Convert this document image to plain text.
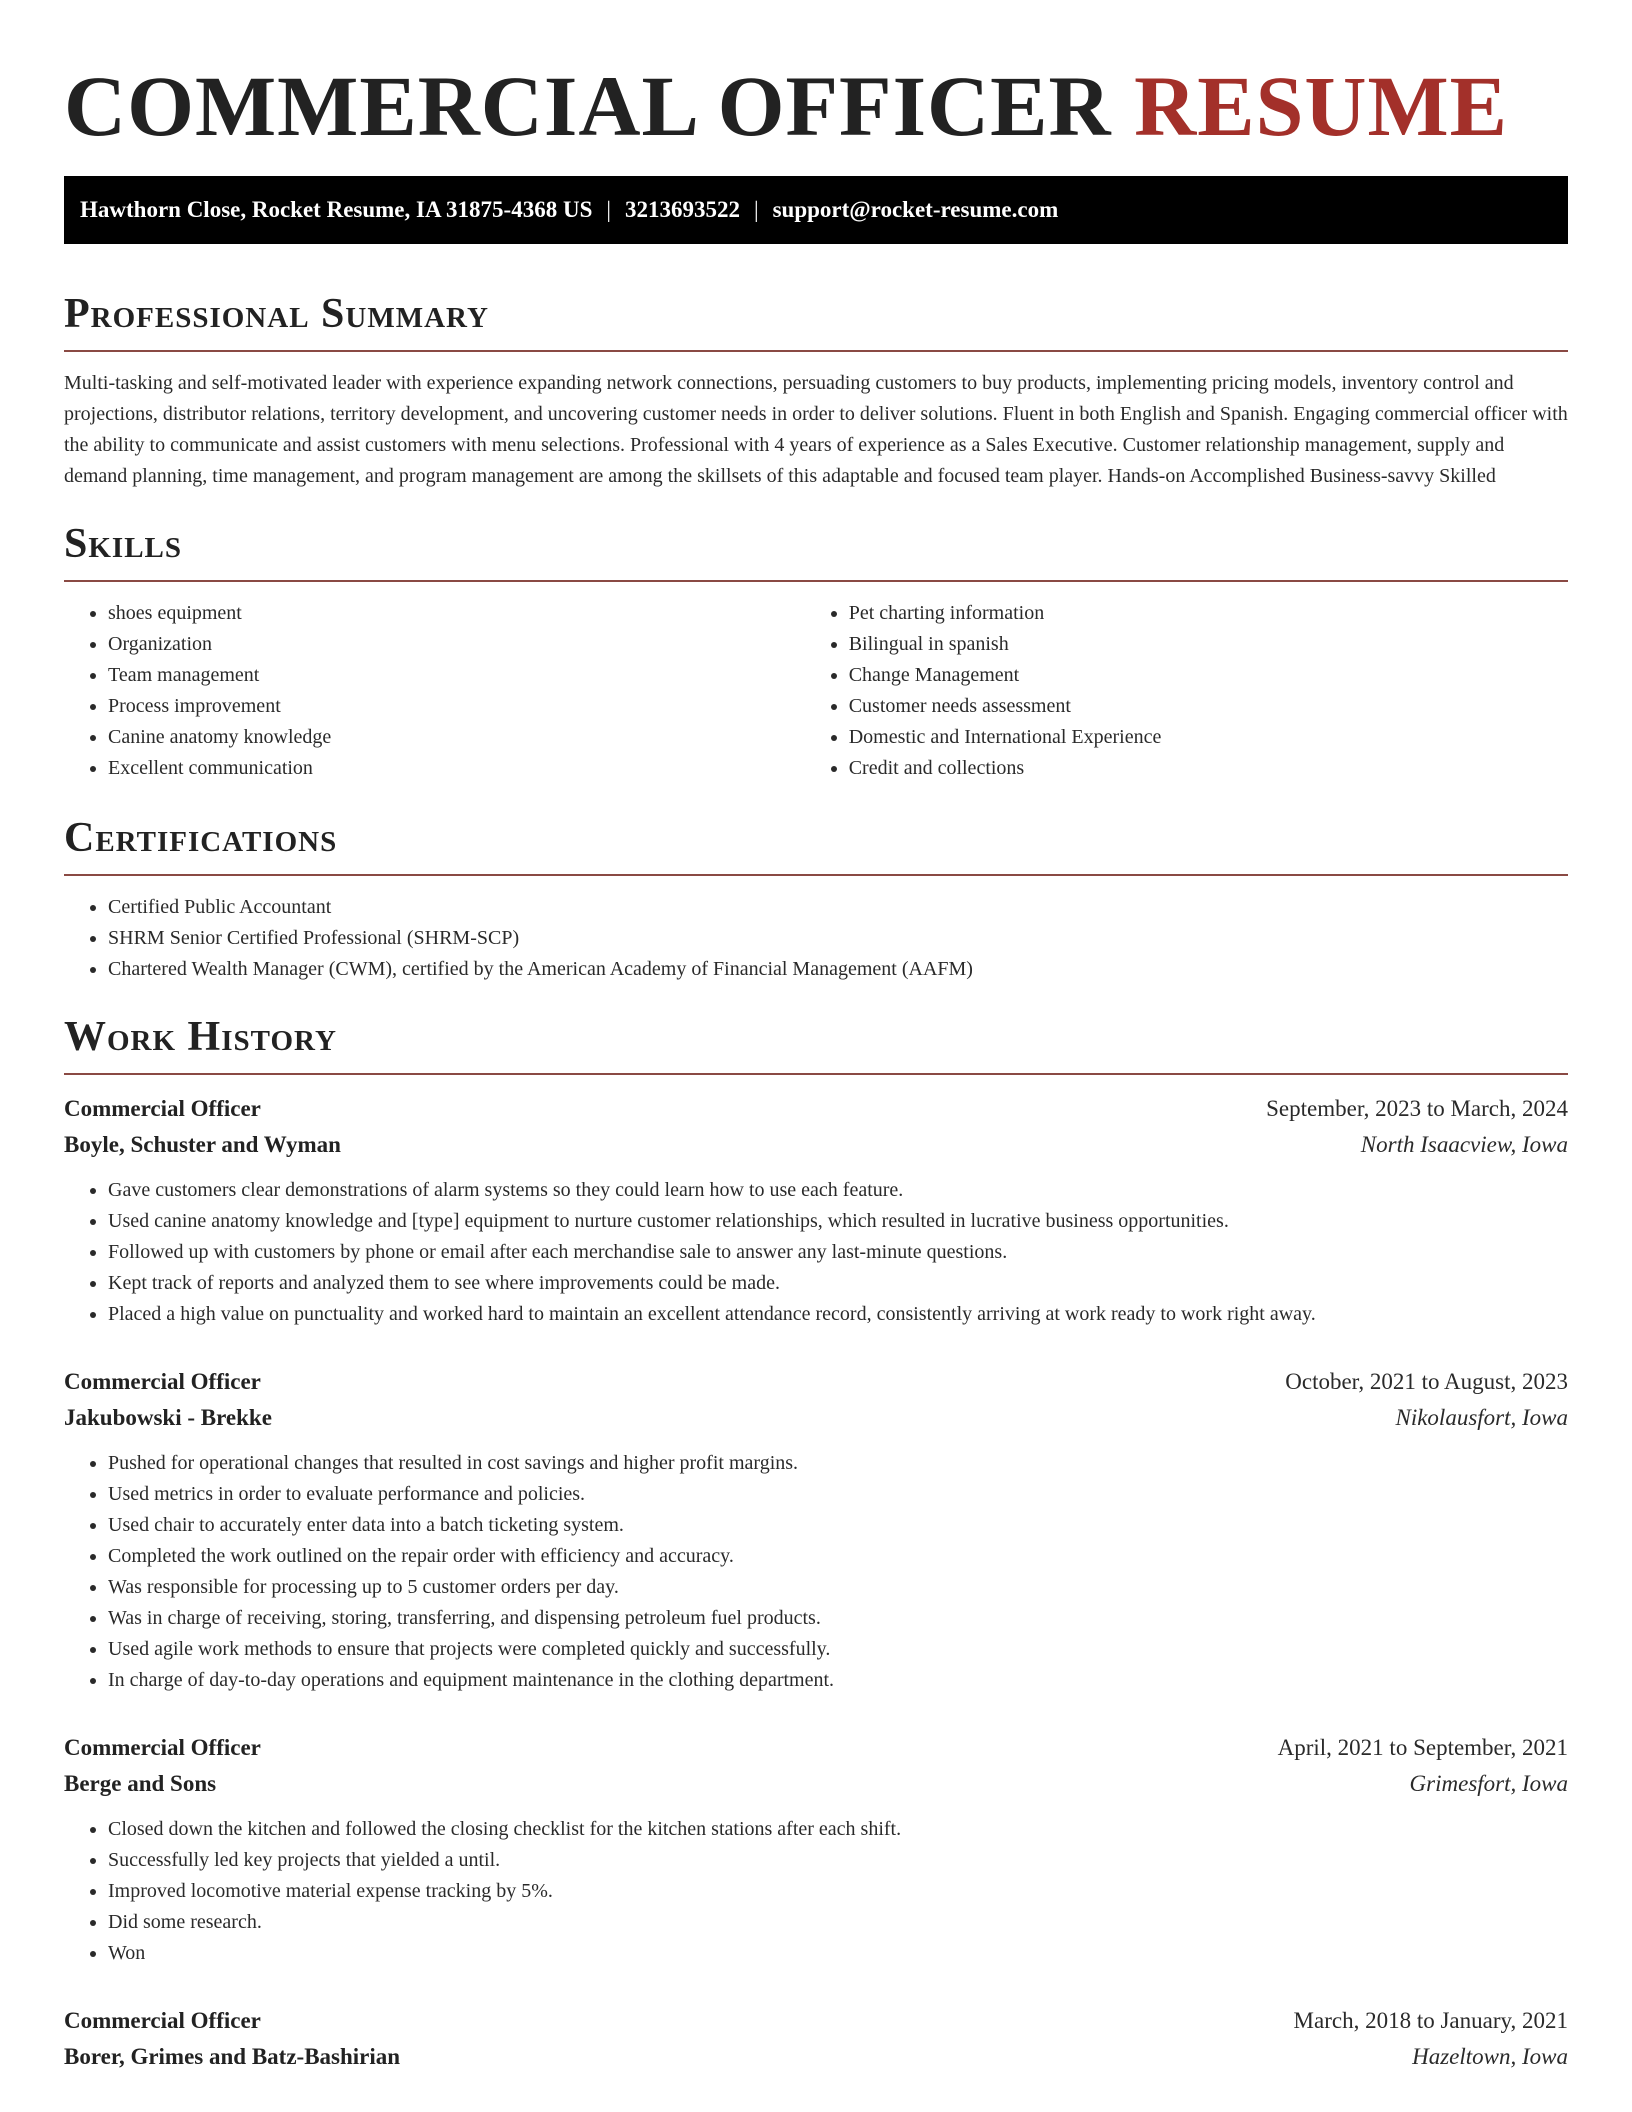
COMMERCIAL OFFICER RESUME
Hawthorn Close, Rocket Resume, IA 31875-4368 US | 3213693522 | support@rocket-resume.com
Professional Summary

Multi-tasking and self-motivated leader with experience expanding network connections, persuading customers to buy products, implementing pricing models, inventory control and projections, distributor relations, territory development, and uncovering customer needs in order to deliver solutions. Fluent in both English and Spanish. Engaging commercial officer with the ability to communicate and assist customers with menu selections. Professional with 4 years of experience as a Sales Executive. Customer relationship management, supply and demand planning, time management, and program management are among the skillsets of this adaptable and focused team player. Hands-on Accomplished Business-savvy Skilled

Skills
• shoes equipment
• Organization
• Team management
• Process improvement
• Canine anatomy knowledge
• Excellent communication
• Pet charting information
• Bilingual in spanish
• Change Management
• Customer needs assessment
• Domestic and International Experience
• Credit and collections
Certifications
• Certified Public Accountant
• SHRM Senior Certified Professional (SHRM-SCP)
• Chartered Wealth Manager (CWM), certified by the American Academy of Financial Management (AAFM)
Work History
Commercial Officer	September, 2023 to March, 2024
Boyle, Schuster and Wyman	North Isaacview, Iowa
• Gave customers clear demonstrations of alarm systems so they could learn how to use each feature.
• Used canine anatomy knowledge and [type] equipment to nurture customer relationships, which resulted in lucrative business opportunities.
• Followed up with customers by phone or email after each merchandise sale to answer any last-minute questions.
• Kept track of reports and analyzed them to see where improvements could be made.
• Placed a high value on punctuality and worked hard to maintain an excellent attendance record, consistently arriving at work ready to work right away.
Commercial Officer	October, 2021 to August, 2023
Jakubowski - Brekke	Nikolausfort, Iowa
• Pushed for operational changes that resulted in cost savings and higher profit margins.
• Used metrics in order to evaluate performance and policies.
• Used chair to accurately enter data into a batch ticketing system.
• Completed the work outlined on the repair order with efficiency and accuracy.
• Was responsible for processing up to 5 customer orders per day.
• Was in charge of receiving, storing, transferring, and dispensing petroleum fuel products.
• Used agile work methods to ensure that projects were completed quickly and successfully.
• In charge of day-to-day operations and equipment maintenance in the clothing department.
Commercial Officer	April, 2021 to September, 2021
Berge and Sons	Grimesfort, Iowa
• Closed down the kitchen and followed the closing checklist for the kitchen stations after each shift.
• Successfully led key projects that yielded a until.
• Improved locomotive material expense tracking by 5%.
• Did some research.
• Won
Commercial Officer	March, 2018 to January, 2021
Borer, Grimes and Batz-Bashirian	Hazeltown, Iowa
